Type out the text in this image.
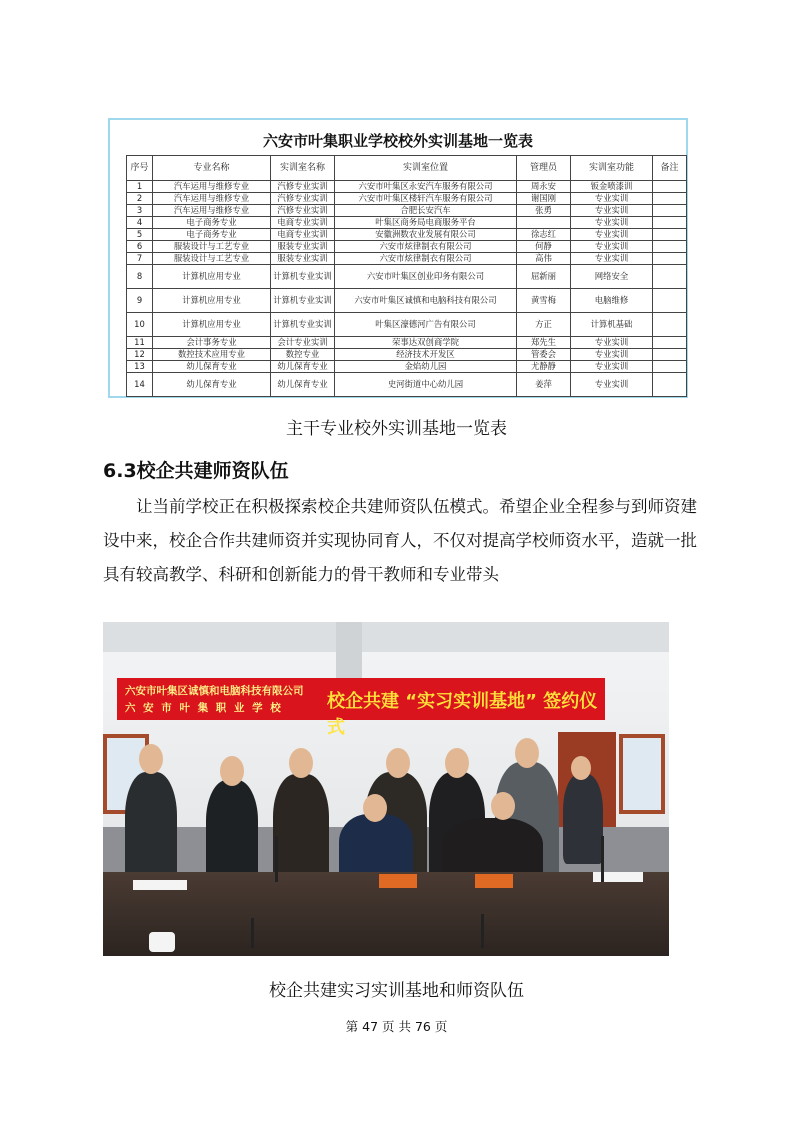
六安市叶集职业学校校外实训基地一览表
序号	专业名称	实训室名称	实训室位置	管理员	实训室功能	备注
1	汽车运用与维修专业	汽修专业实训	六安市叶集区永安汽车服务有限公司	周永安	钣金喷漆训	
2	汽车运用与维修专业	汽修专业实训	六安市叶集区楼轩汽车服务有限公司	谢国刚	专业实训	
3	汽车运用与维修专业	汽修专业实训	合肥长安汽车	张勇	专业实训	
4	电子商务专业	电商专业实训	叶集区商务局电商服务平台		专业实训	
5	电子商务专业	电商专业实训	安徽洲数农业发展有限公司	徐志红	专业实训	
6	服装设计与工艺专业	服装专业实训	六安市炫律制衣有限公司	何静	专业实训	
7	服装设计与工艺专业	服装专业实训	六安市炫律制衣有限公司	高伟	专业实训	
8	计算机应用专业	计算机专业实训	六安市叶集区创业印务有限公司	屈新丽	网络安全	
9	计算机应用专业	计算机专业实训	六安市叶集区诚慎和电脑科技有限公司	黄雪梅	电脑维修	
10	计算机应用专业	计算机专业实训	叶集区濠德河广告有限公司	方正	计算机基础	
11	会计事务专业	会计专业实训	荣事达双创商学院	郑先生	专业实训	
12	数控技术应用专业	数控专业	经济技术开发区	管委会	专业实训	
13	幼儿保育专业	幼儿保育专业	金焰幼儿园	尤静静	专业实训	
14	幼儿保育专业	幼儿保育专业	史河街道中心幼儿园	姜萍	专业实训	
主干专业校外实训基地一览表
6.3校企共建师资队伍

让当前学校正在积极探索校企共建师资队伍模式。希望企业全程参与到师资建设中来，校企合作共建师资并实现协同育人，不仅对提高学校师资水平，造就一批具有较高教学、科研和创新能力的骨干教师和专业带头

六安市叶集区诚慎和电脑科技有限公司
六 安 市 叶 集 职 业 学 校 校企共建 “实习实训基地” 签约仪式
校企共建实习实训基地和师资队伍
第 47 页 共 76 页
